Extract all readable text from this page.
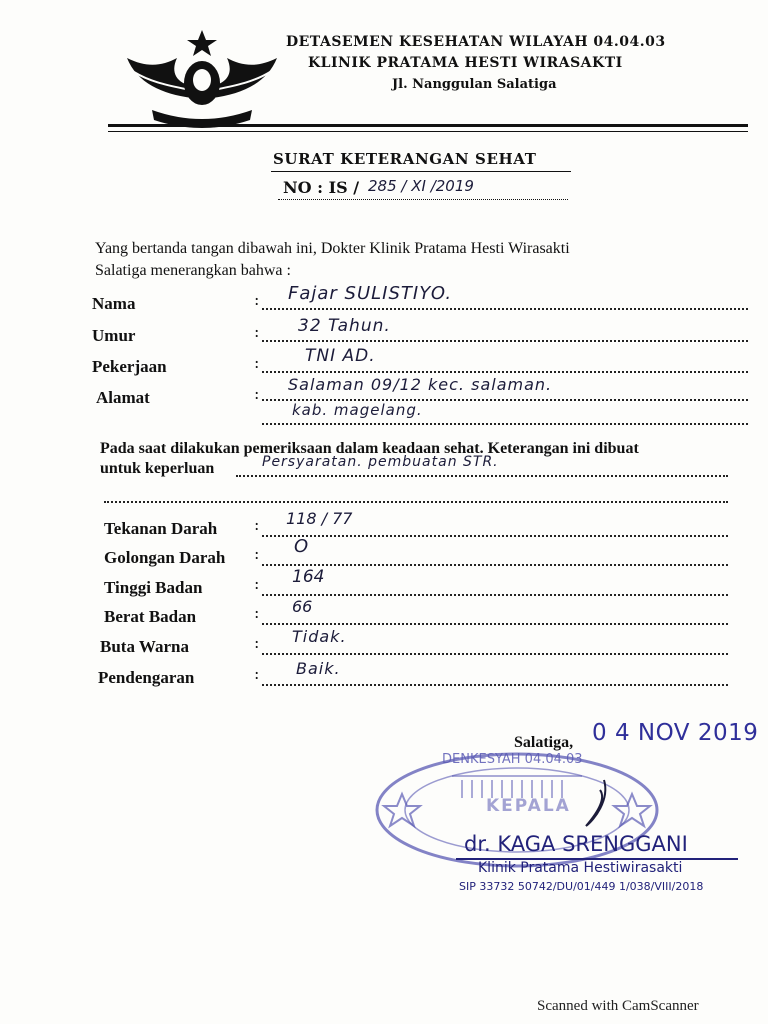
HESTI WIRASAKTI
DETASEMEN KESEHATAN WILAYAH 04.04.03
KLINIK PRATAMA HESTI WIRASAKTI
Jl. Nanggulan Salatiga
SURAT KETERANGAN SEHAT
NO : IS / 285 / XI /2019
Yang bertanda tangan dibawah ini, Dokter Klinik Pratama Hesti Wirasakti
Salatiga menerangkan bahwa :
Nama	: Fajar SULISTIYO.
Umur	: 32 Tahun.
Pekerjaan	:	TNI AD.
Alamat	: Salaman 09/12 kec. salaman.
kab. magelang.
Pada saat dilakukan pemeriksaan dalam keadaan sehat. Keterangan ini dibuat
untuk keperluan	Persyaratan. pembuatan STR.
Tekanan Darah : 118 / 77
Golongan Darah : O
Tinggi Badan	: 164
Berat Badan	: 66
Buta Warna	: Tidak.
Pendengaran	: Baik.
Salatiga, 0 4 NOV 2019
DENKESYAH 04.04.03
KEPALA
dr. KAGA SRENGGANI
Klinik Pratama Hestiwirasakti
SIP 33732 50742/DU/01/449 1/038/VIII/2018
Scanned with CamScanner
